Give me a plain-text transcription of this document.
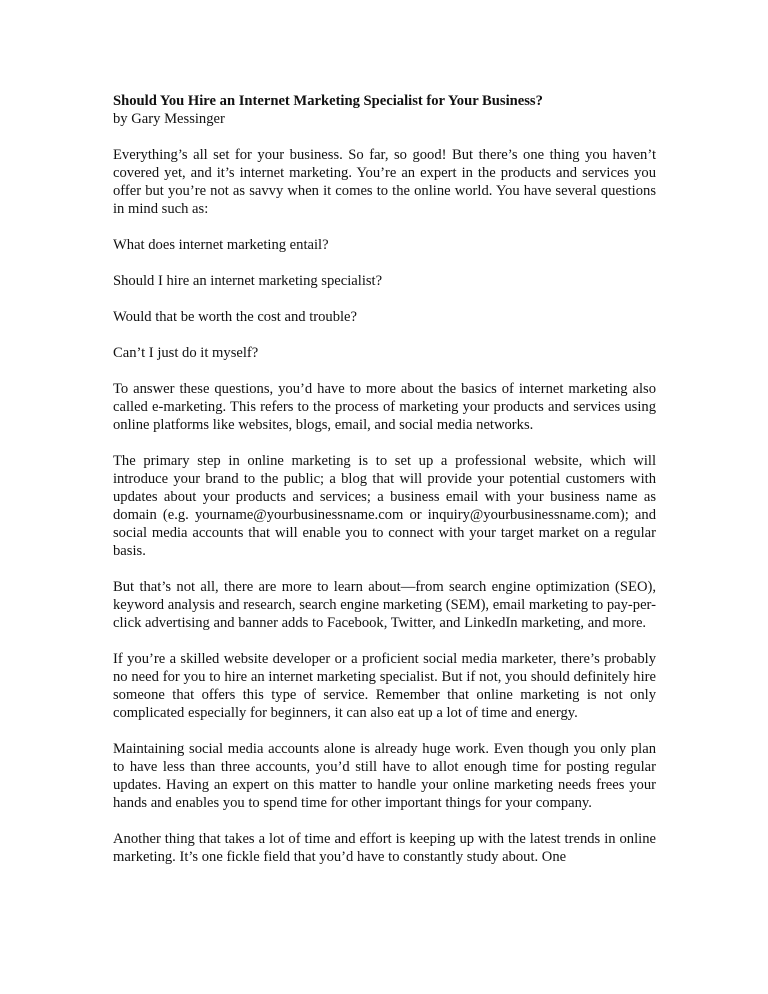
Should You Hire an Internet Marketing Specialist for Your Business?
by Gary Messinger

Everything’s all set for your business. So far, so good! But there’s one thing you haven’t covered yet, and it’s internet marketing. You’re an expert in the products and services you offer but you’re not as savvy when it comes to the online world. You have several questions in mind such as:

What does internet marketing entail?

Should I hire an internet marketing specialist?

Would that be worth the cost and trouble?

Can’t I just do it myself?

To answer these questions, you’d have to more about the basics of internet marketing also called e-marketing. This refers to the process of marketing your products and services using online platforms like websites, blogs, email, and social media networks.

The primary step in online marketing is to set up a professional website, which will introduce your brand to the public; a blog that will provide your potential customers with updates about your products and services; a business email with your business name as domain (e.g. yourname@yourbusinessname.com or inquiry@yourbusinessname.com); and social media accounts that will enable you to connect with your target market on a regular basis.

But that’s not all, there are more to learn about—from search engine optimization (SEO), keyword analysis and research, search engine marketing (SEM), email marketing to pay-per-click advertising and banner adds to Facebook, Twitter, and LinkedIn marketing, and more.

If you’re a skilled website developer or a proficient social media marketer, there’s probably no need for you to hire an internet marketing specialist. But if not, you should definitely hire someone that offers this type of service. Remember that online marketing is not only complicated especially for beginners, it can also eat up a lot of time and energy.

Maintaining social media accounts alone is already huge work. Even though you only plan to have less than three accounts, you’d still have to allot enough time for posting regular updates. Having an expert on this matter to handle your online marketing needs frees your hands and enables you to spend time for other important things for your company.

Another thing that takes a lot of time and effort is keeping up with the latest trends in online marketing. It’s one fickle field that you’d have to constantly study about. One
